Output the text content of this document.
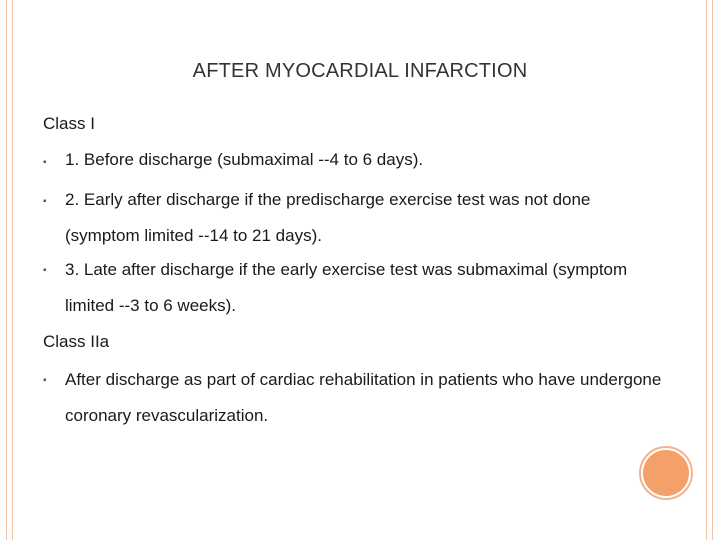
AFTER MYOCARDIAL INFARCTION
Class I
▪ 1. Before discharge (submaximal --4 to 6 days).
▪ 2. Early after discharge if the predischarge exercise test was not done (symptom limited --14 to 21 days).
▪ 3. Late after discharge if the early exercise test was submaximal (symptom limited --3 to 6 weeks).
Class IIa
▪ After discharge as part of cardiac rehabilitation in patients who have undergone coronary revascularization.
